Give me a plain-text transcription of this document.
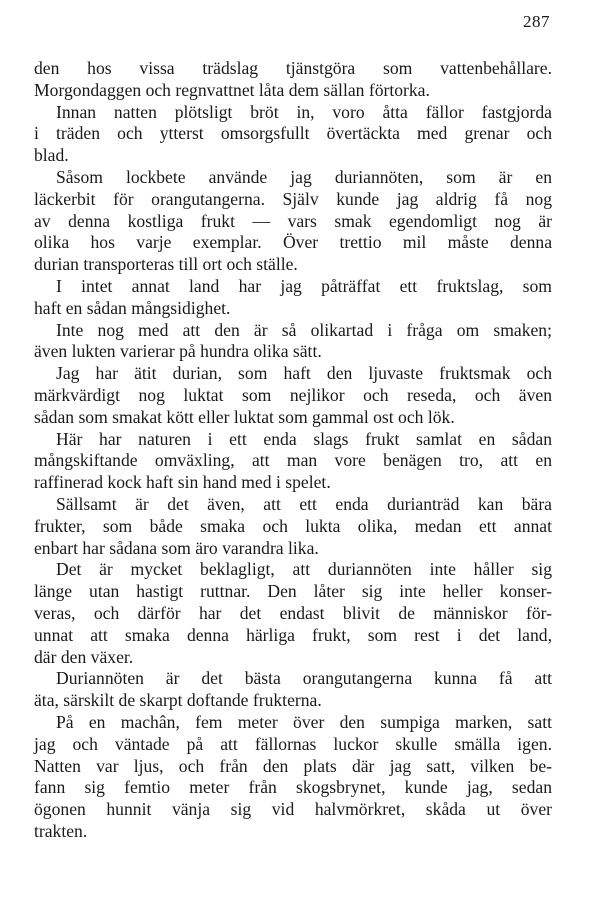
287

den hos vissa trädslag tjänstgöra som vattenbehållare.
Morgondaggen och regnvattnet låta dem sällan förtorka.

Innan natten plötsligt bröt in, voro åtta fällor fastgjorda
i träden och ytterst omsorgsfullt övertäckta med grenar och
blad.

Såsom lockbete använde jag duriannöten, som är en
läckerbit för orangutangerna. Själv kunde jag aldrig få nog
av denna kostliga frukt — vars smak egendomligt nog är
olika hos varje exemplar. Över trettio mil måste denna
durian transporteras till ort och ställe.

I intet annat land har jag påträffat ett fruktslag, som
haft en sådan mångsidighet.

Inte nog med att den är så olikartad i fråga om smaken;
även lukten varierar på hundra olika sätt.

Jag har ätit durian, som haft den ljuvaste fruktsmak och
märkvärdigt nog luktat som nejlikor och reseda, och även
sådan som smakat kött eller luktat som gammal ost och lök.

Här har naturen i ett enda slags frukt samlat en sådan
mångskiftande omväxling, att man vore benägen tro, att en
raffinerad kock haft sin hand med i spelet.

Sällsamt är det även, att ett enda durianträd kan bära
frukter, som både smaka och lukta olika, medan ett annat
enbart har sådana som äro varandra lika.

Det är mycket beklagligt, att duriannöten inte håller sig
länge utan hastigt ruttnar. Den låter sig inte heller konser-
veras, och därför har det endast blivit de människor för-
unnat att smaka denna härliga frukt, som rest i det land,
där den växer.

Duriannöten är det bästa orangutangerna kunna få att
äta, särskilt de skarpt doftande frukterna.

På en machân, fem meter över den sumpiga marken, satt
jag och väntade på att fällornas luckor skulle smälla igen.
Natten var ljus, och från den plats där jag satt, vilken be-
fann sig femtio meter från skogsbrynet, kunde jag, sedan
ögonen hunnit vänja sig vid halvmörkret, skåda ut över
trakten.
